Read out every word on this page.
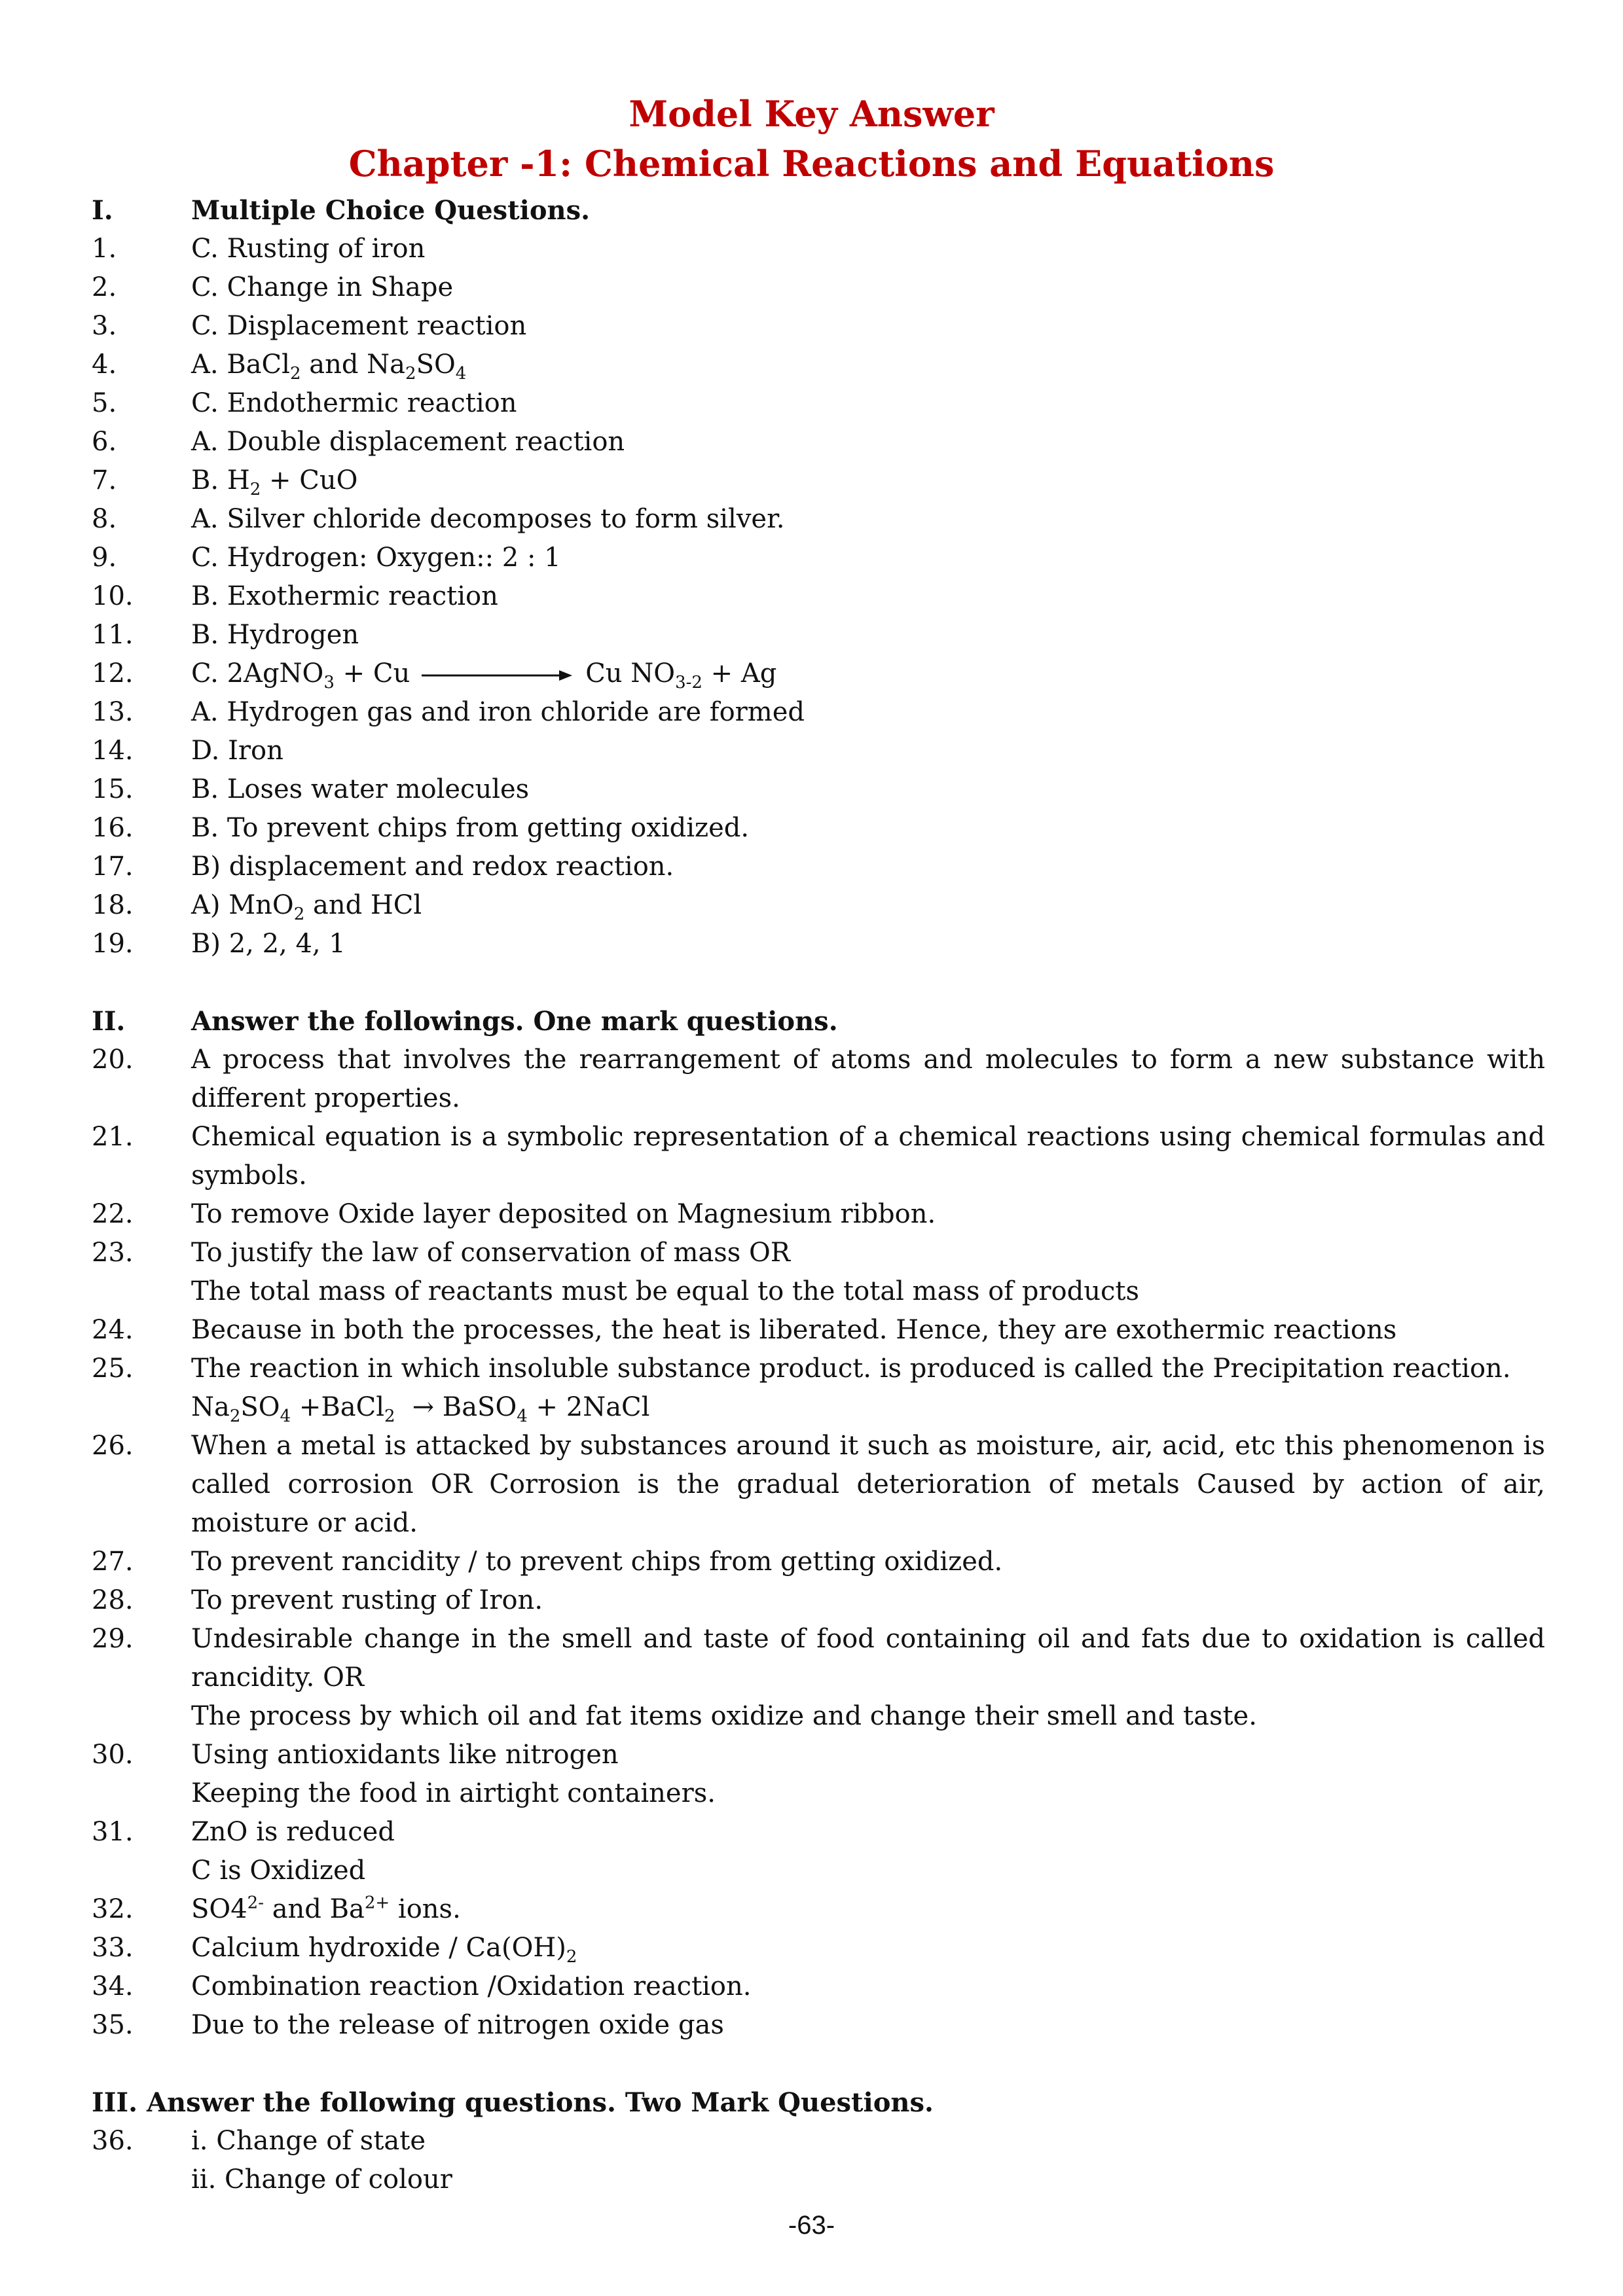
Model Key Answer
Chapter -1: Chemical Reactions and Equations
I.	Multiple Choice Questions.
1.	C. Rusting of iron
2.	C. Change in Shape
3.	C. Displacement reaction
4.	A. BaCl$_2$ and $Na_2SO_4$
5.	C. Endothermic reaction
6.	A. Double displacement reaction
7.	B. $H_2$ + CuO
8.	A. Silver chloride decomposes to form silver.
9.	C. Hydrogen: Oxygen:: 2 : 1
10. B. Exothermic reaction
11. B. Hydrogen
12. C. 2AgNO$_3$ + Cu	Cu $NO_{3-2} + Ag$
13. A. Hydrogen gas and iron chloride are formed
14. D. Iron
15. B. Loses water molecules
16. B. To prevent chips from getting oxidized.
17. B) displacement and redox reaction.
18. A) MnO$_2$ and HCl
19. B) 2, 2, 4, 1
II.	Answer the followings. One mark questions.
20. A process that involves the rearrangement of atoms and molecules to form a new substance with different properties.
21. Chemical equation is a symbolic representation of a chemical reactions using chemical formulas and symbols.
22. To remove Oxide layer deposited on Magnesium ribbon.
23. To justify the law of conservation of mass OR
The total mass of reactants must be equal to the total mass of products
24. Because in both the processes, the heat is liberated. Hence, they are exothermic reactions
25. The reaction in which insoluble substance product. is produced is called the Precipitation reaction.
$Na_2SO_4$ +BaCl$_2$ → BaSO$_4$ + 2NaCl
26. When a metal is attacked by substances around it such as moisture, air, acid, etc this phenomenon is called corrosion OR Corrosion is the gradual deterioration of metals Caused by action of air, moisture or acid.
27. To prevent rancidity / to prevent chips from getting oxidized.
28. To prevent rusting of Iron.
29. Undesirable change in the smell and taste of food containing oil and fats due to oxidation is called rancidity. OR
The process by which oil and fat items oxidize and change their smell and taste.
30. Using antioxidants like nitrogen
Keeping the food in airtight containers.
31. ZnO is reduced
C is Oxidized
32. $SO4^{2-}$ and $Ba^{2+}$ ions.
33. Calcium hydroxide / $Ca(OH)_2$
34. Combination reaction /Oxidation reaction.
35. Due to the release of nitrogen oxide gas
III. Answer the following questions. Two Mark Questions.
36. i. Change of state
ii. Change of colour
-63-
